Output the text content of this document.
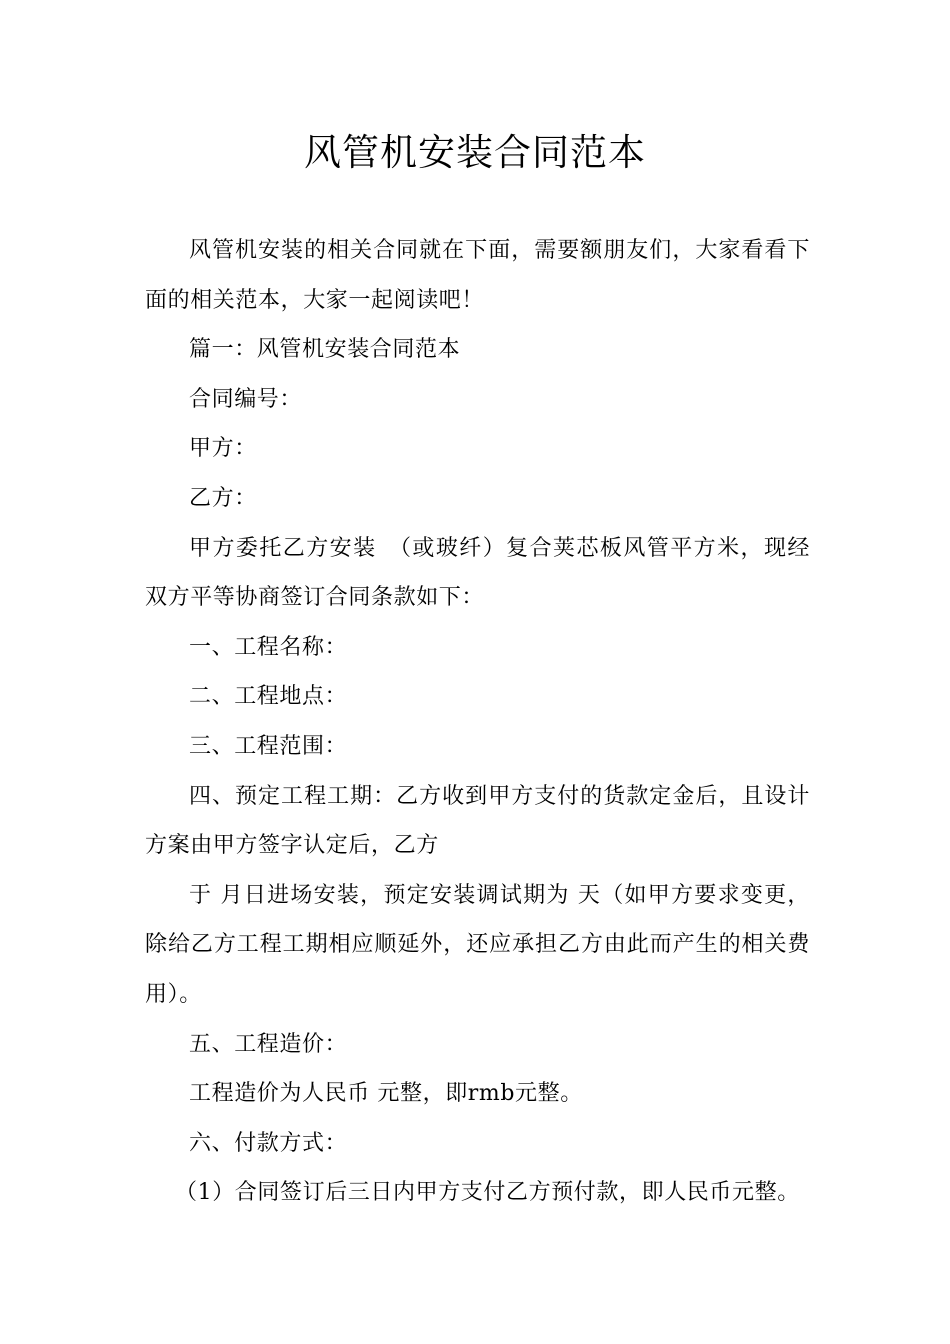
风管机安装合同范本

风管机安装的相关合同就在下面，需要额朋友们，大家看看下面的相关范本，大家一起阅读吧！

篇一：风管机安装合同范本

合同编号：

甲方：

乙方：

甲方委托乙方安装　（或玻纤）复合荚芯板风管平方米，现经双方平等协商签订合同条款如下：

一、工程名称：

二、工程地点：

三、工程范围：

四、预定工程工期：乙方收到甲方支付的货款定金后，且设计方案由甲方签字认定后，乙方

于 月日进场安装，预定安装调试期为 天（如甲方要求变更，除给乙方工程工期相应顺延外，还应承担乙方由此而产生的相关费用）。

五、工程造价：

工程造价为人民币 元整，即rmb元整。

六、付款方式：

（1）合同签订后三日内甲方支付乙方预付款，即人民币元整。
